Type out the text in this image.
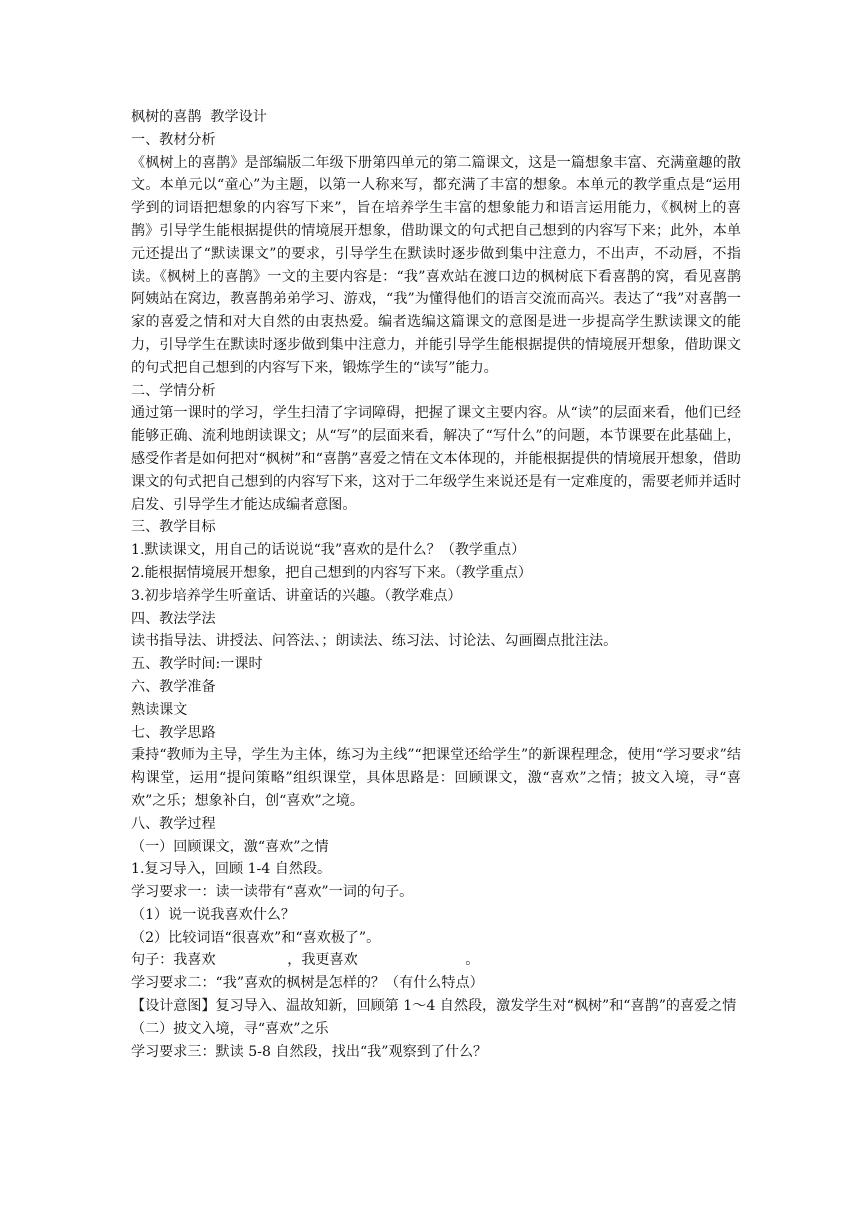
枫树的喜鹊  教学设计
一、教材分析
《枫树上的喜鹊》是部编版二年级下册第四单元的第二篇课文，这是一篇想象丰富、充满童趣的散文。本单元以“童心”为主题，以第一人称来写，都充满了丰富的想象。本单元的教学重点是“运用学到的词语把想象的内容写下来”，旨在培养学生丰富的想象能力和语言运用能力，《枫树上的喜鹊》引导学生能根据提供的情境展开想象，借助课文的句式把自己想到的内容写下来；此外，本单元还提出了“默读课文”的要求，引导学生在默读时逐步做到集中注意力，不出声，不动唇，不指读。《枫树上的喜鹊》一文的主要内容是：“我”喜欢站在渡口边的枫树底下看喜鹊的窝，看见喜鹊阿姨站在窝边，教喜鹊弟弟学习、游戏，“我”为懂得他们的语言交流而高兴。表达了“我”对喜鹊一家的喜爱之情和对大自然的由衷热爱。编者选编这篇课文的意图是进一步提高学生默读课文的能力，引导学生在默读时逐步做到集中注意力，并能引导学生能根据提供的情境展开想象，借助课文的句式把自己想到的内容写下来，锻炼学生的“读写”能力。
二、学情分析
通过第一课时的学习，学生扫清了字词障碍，把握了课文主要内容。从“读”的层面来看，他们已经能够正确、流利地朗读课文；从“写”的层面来看，解决了“写什么”的问题，本节课要在此基础上，感受作者是如何把对“枫树”和“喜鹊”喜爱之情在文本体现的，并能根据提供的情境展开想象，借助课文的句式把自己想到的内容写下来，这对于二年级学生来说还是有一定难度的，需要老师并适时启发、引导学生才能达成编者意图。
三、教学目标
1.默读课文，用自己的话说说“我”喜欢的是什么？（教学重点）
2.能根据情境展开想象，把自己想到的内容写下来。（教学重点）
3.初步培养学生听童话、讲童话的兴趣。（教学难点）
四、教法学法
读书指导法、讲授法、问答法、；朗读法、练习法、讨论法、勾画圈点批注法。
五、教学时间:一课时
六、教学准备
熟读课文
七、教学思路
秉持“教师为主导，学生为主体，练习为主线”“把课堂还给学生”的新课程理念，使用“学习要求”结构课堂，运用“提问策略”组织课堂，具体思路是：回顾课文，激“喜欢”之情；披文入境，寻“喜欢”之乐；想象补白，创“喜欢”之境。
八、教学过程
（一）回顾课文，激“喜欢”之情
1.复习导入，回顾 1-4 自然段。
学习要求一：读一读带有“喜欢”一词的句子。
（1）说一说我喜欢什么？
（2）比较词语“很喜欢”和“喜欢极了”。
句子：我喜欢                ，我更喜欢                        。
学习要求二：“我”喜欢的枫树是怎样的？（有什么特点）
【设计意图】复习导入、温故知新，回顾第 1～4 自然段，激发学生对“枫树”和“喜鹊”的喜爱之情
（二）披文入境，寻“喜欢”之乐
学习要求三：默读 5-8 自然段，找出“我”观察到了什么？
